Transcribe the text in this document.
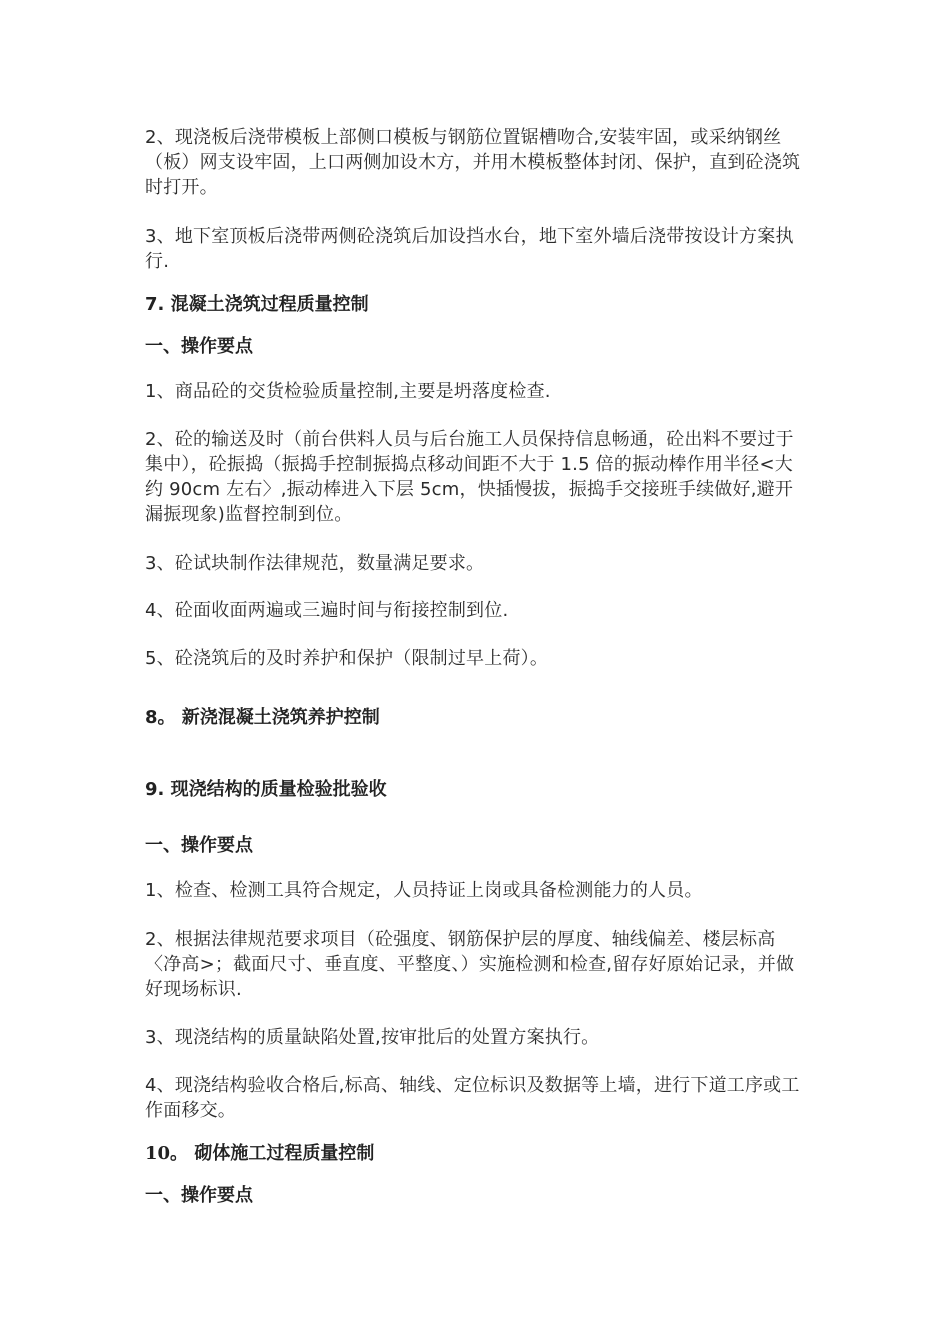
2、现浇板后浇带模板上部侧口模板与钢筋位置锯槽吻合,安装牢固，或采纳钢丝（板）网支设牢固，上口两侧加设木方，并用木模板整体封闭、保护，直到砼浇筑时打开。

3、地下室顶板后浇带两侧砼浇筑后加设挡水台，地下室外墙后浇带按设计方案执行.

7. 混凝土浇筑过程质量控制
一、操作要点

1、商品砼的交货检验质量控制,主要是坍落度检查.

2、砼的输送及时（前台供料人员与后台施工人员保持信息畅通，砼出料不要过于集中），砼振捣（振捣手控制振捣点移动间距不大于 1.5 倍的振动棒作用半径<大约 90cm 左右〉,振动棒进入下层 5cm，快插慢拔，振捣手交接班手续做好,避开漏振现象)监督控制到位。

3、砼试块制作法律规范，数量满足要求。

4、砼面收面两遍或三遍时间与衔接控制到位.

5、砼浇筑后的及时养护和保护（限制过早上荷）。

8。 新浇混凝土浇筑养护控制
9. 现浇结构的质量检验批验收
一、操作要点

1、检查、检测工具符合规定，人员持证上岗或具备检测能力的人员。

2、根据法律规范要求项目（砼强度、钢筋保护层的厚度、轴线偏差、楼层标高〈净高>；截面尺寸、垂直度、平整度、）实施检测和检查,留存好原始记录，并做好现场标识.

3、现浇结构的质量缺陷处置,按审批后的处置方案执行。

4、现浇结构验收合格后,标高、轴线、定位标识及数据等上墙，进行下道工序或工作面移交。

10。 砌体施工过程质量控制
一、操作要点
